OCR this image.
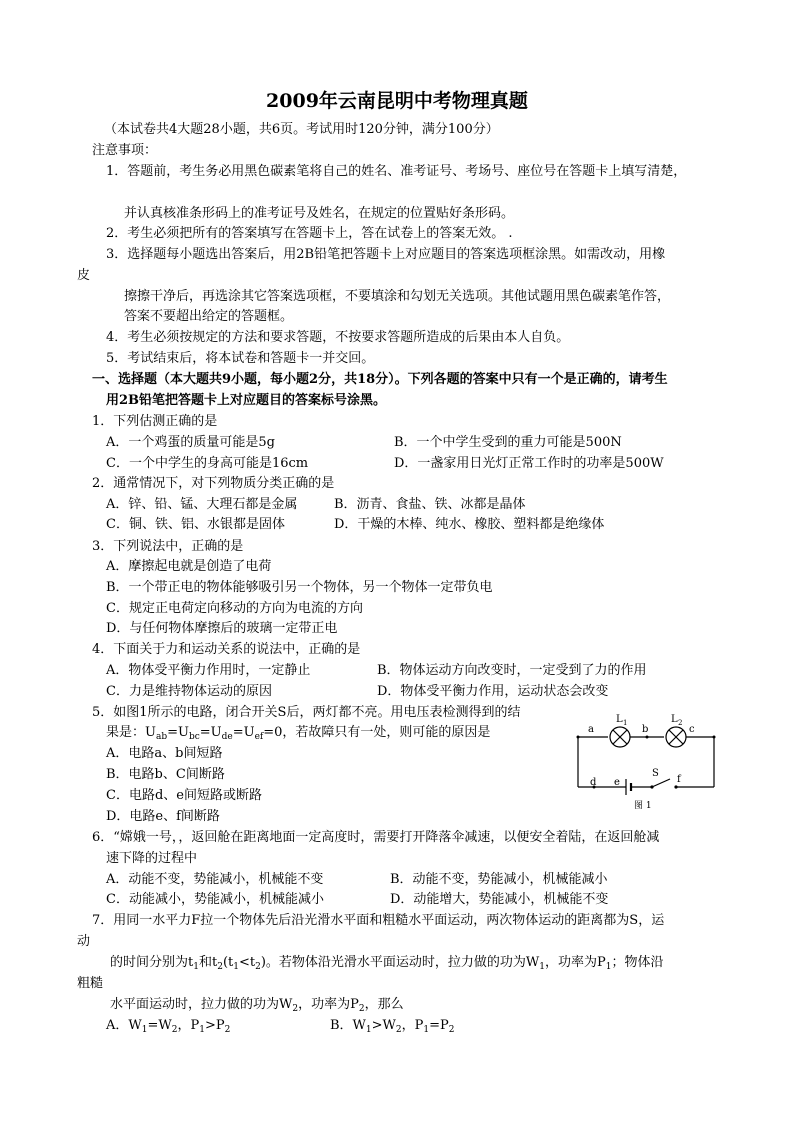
2009年云南昆明中考物理真题
（本试卷共4大题28小题，共6页。考试用时120分钟，满分100分）
注意事项：
1．答题前，考生务必用黑色碳素笔将自己的姓名、准考证号、考场号、座位号在答题卡上填写清楚，
并认真核准条形码上的准考证号及姓名，在规定的位置贴好条形码。
2．考生必须把所有的答案填写在答题卡上，答在试卷上的答案无效。 .
3．选择题每小题选出答案后，用2B铅笔把答题卡上对应题目的答案选项框涂黑。如需改动，用橡
皮
擦擦干净后，再选涂其它答案选项框，不要填涂和勾划无关选项。其他试题用黑色碳素笔作答，
答案不要超出给定的答题框。
4．考生必须按规定的方法和要求答题，不按要求答题所造成的后果由本人自负。
5．考试结束后，将本试卷和答题卡一并交回。
一、选择题（本大题共9小题，每小题2分，共18分）。下列各题的答案中只有一个是正确的，请考生
用2B铅笔把答题卡上对应题目的答案标号涂黑。
1．下列估测正确的是
A．一个鸡蛋的质量可能是5g	B．一个中学生受到的重力可能是500N
C．一个中学生的身高可能是16cm	D．一盏家用日光灯正常工作时的功率是500W
2．通常情况下，对下列物质分类正确的是
A．锌、铅、锰、大理石都是金属	B．沥青、食盐、铁、冰都是晶体
C．铜、铁、铝、水银都是固体	D．干燥的木棒、纯水、橡胶、塑料都是绝缘体
3．下列说法中，正确的是
A．摩擦起电就是创造了电荷
B．一个带正电的物体能够吸引另一个物体，另一个物体一定带负电
C．规定正电荷定向移动的方向为电流的方向
D．与任何物体摩擦后的玻璃一定带正电
4．下面关于力和运动关系的说法中，正确的是
A．物体受平衡力作用时，一定静止	B．物体运动方向改变时，一定受到了力的作用
C．力是维持物体运动的原因	D．物体受平衡力作用，运动状态会改变
5．如图1所示的电路，闭合开关S后，两灯都不亮。用电压表检测得到的结
果是：$U_{ab}=U_{bc}=U_{de}=U_{ef}=0$，若故障只有一处，则可能的原因是
A．电路a、b间短路
B．电路b、C间断路
C．电路d、e间短路或断路
D．电路e、f间断路
a	b	c
L 1	L 2
d e
S
f
图 1
6．“嫦娥一号，，返回舱在距离地面一定高度时，需要打开降落伞减速，以便安全着陆，在返回舱减
速下降的过程中
A．动能不变，势能减小，机械能不变	B．动能不变，势能减小，机械能减小
C．动能减小，势能减小，机械能减小	D．动能增大，势能减小，机械能不变
7．用同一水平力F拉一个物体先后沿光滑水平面和粗糙水平面运动，两次物体运动的距离都为S，运
动
的时间分别为$t_1$和$t_2(t_1<t_2)$。若物体沿光滑水平面运动时，拉力做的功为$W_1$，功率为$P_1$；物体沿
粗糙
水平面运动时，拉力做的功为$W_2$，功率为$P_2$，那么
A．$W_1=W_2$，$P_1>P_2$	B．$W_1>W_2$，$P_1=P_2$
